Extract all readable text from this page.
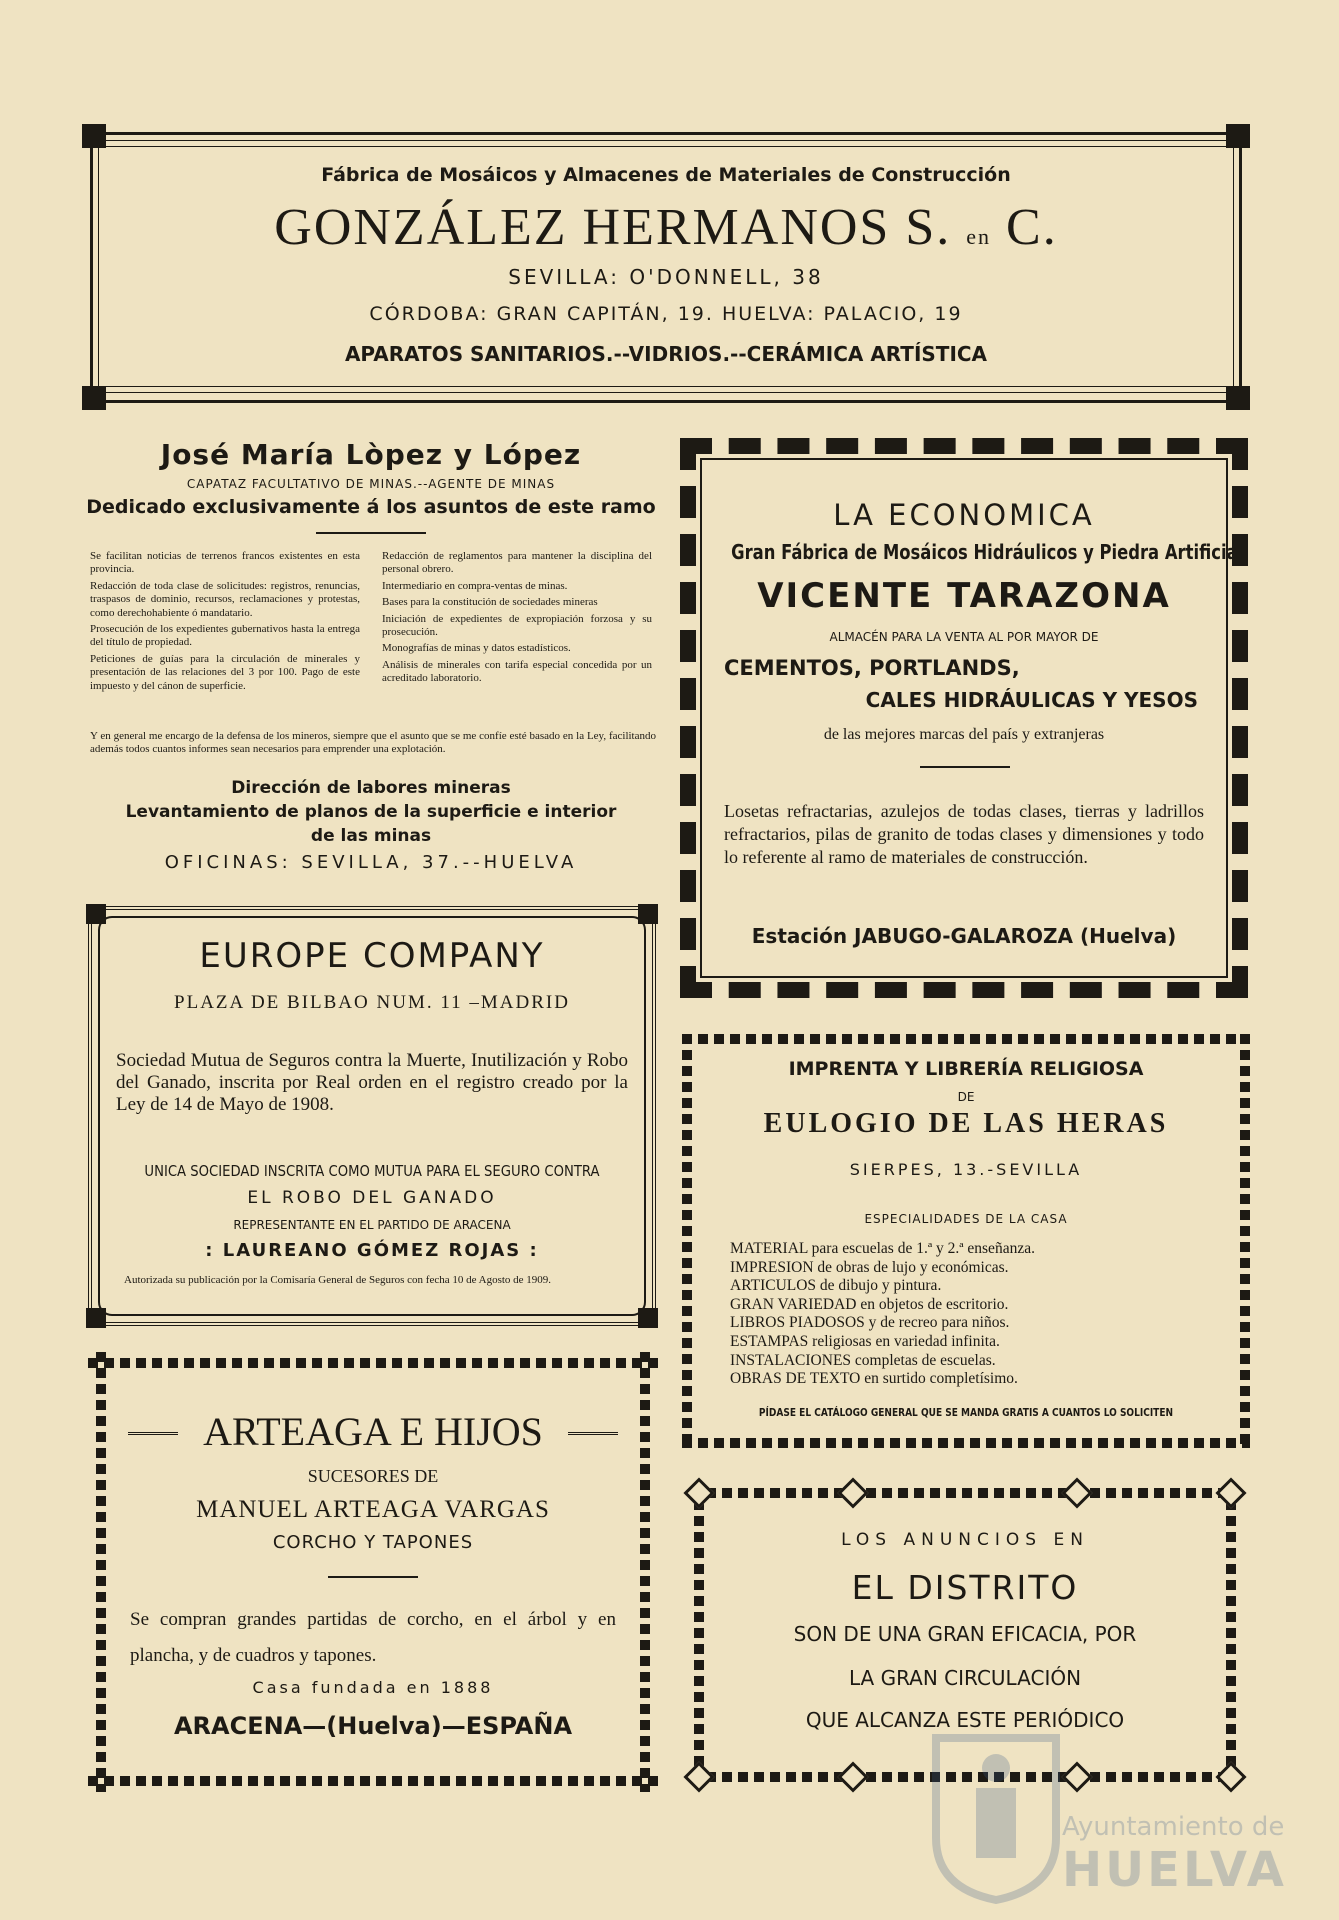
Fábrica de Mosáicos y Almacenes de Materiales de Construcción
GONZÁLEZ HERMANOS S. en C.
SEVILLA: O'DONNELL, 38
CÓRDOBA: GRAN CAPITÁN, 19. HUELVA: PALACIO, 19
APARATOS SANITARIOS.--VIDRIOS.--CERÁMICA ARTÍSTICA
José María Lòpez y López
CAPATAZ FACULTATIVO DE MINAS.--AGENTE DE MINAS
Dedicado exclusivamente á los asuntos de este ramo

Se facilitan noticias de terrenos francos existentes en esta provincia.

Redacción de toda clase de solicitudes: registros, renuncias, traspasos de dominio, recursos, reclamaciones y protestas, como derechohabiente ó mandatario.

Prosecución de los expedientes gubernativos hasta la entrega del título de propiedad.

Peticiones de guías para la circulación de minerales y presentación de las relaciones del 3 por 100. Pago de este impuesto y del cánon de superficie.

Redacción de reglamentos para mantener la disciplina del personal obrero.

Intermediario en compra-ventas de minas.

Bases para la constitución de sociedades mineras

Iniciación de expedientes de expropiación forzosa y su prosecución.

Monografías de minas y datos estadísticos.

Análisis de minerales con tarifa especial concedida por un acreditado laboratorio.

Y en general me encargo de la defensa de los mineros, siempre que el asunto que se me confíe esté basado en la Ley, facilitando además todos cuantos informes sean necesarios para emprender una explotación.
Dirección de labores mineras
Levantamiento de planos de la superficie e interior
de las minas
OFICINAS: SEVILLA, 37.--HUELVA
LA ECONOMICA
Gran Fábrica de Mosáicos Hidráulicos y Piedra Artificial
VICENTE TARAZONA
ALMACÉN PARA LA VENTA AL POR MAYOR DE
CEMENTOS, PORTLANDS,
CALES HIDRÁULICAS Y YESOS
de las mejores marcas del país y extranjeras
Losetas refractarias, azulejos de todas clases, tierras y ladrillos refractarios, pilas de granito de todas clases y dimensiones y todo lo referente al ramo de materiales de construcción.
Estación JABUGO-GALAROZA (Huelva)
EUROPE COMPANY
PLAZA DE BILBAO NUM. 11 –MADRID
Sociedad Mutua de Seguros contra la Muerte, Inutilización y Robo del Ganado, inscrita por Real orden en el registro creado por la Ley de 14 de Mayo de 1908.
UNICA SOCIEDAD INSCRITA COMO MUTUA PARA EL SEGURO CONTRA
EL ROBO DEL GANADO
REPRESENTANTE EN EL PARTIDO DE ARACENA
: LAUREANO GÓMEZ ROJAS :
Autorizada su publicación por la Comisaría General de Seguros con fecha 10 de Agosto de 1909.
IMPRENTA Y LIBRERÍA RELIGIOSA
DE
EULOGIO DE LAS HERAS
SIERPES, 13.-SEVILLA
ESPECIALIDADES DE LA CASA
MATERIAL para escuelas de 1.ª y 2.ª enseñanza.
IMPRESION de obras de lujo y económicas.
ARTICULOS de dibujo y pintura.
GRAN VARIEDAD en objetos de escritorio.
LIBROS PIADOSOS y de recreo para niños.
ESTAMPAS religiosas en variedad infinita.
INSTALACIONES completas de escuelas.
OBRAS DE TEXTO en surtido completísimo.
PÍDASE EL CATÁLOGO GENERAL QUE SE MANDA GRATIS A CUANTOS LO SOLICITEN
ARTEAGA E HIJOS
SUCESORES DE
MANUEL ARTEAGA VARGAS
CORCHO Y TAPONES
Se compran grandes partidas de corcho, en el árbol y en plancha, y de cuadros y tapones.
Casa fundada en 1888
ARACENA—(Huelva)—ESPAÑA
LOS ANUNCIOS EN
EL DISTRITO
SON DE UNA GRAN EFICACIA, POR
LA GRAN CIRCULACIÓN
QUE ALCANZA ESTE PERIÓDICO
Ayuntamiento de
HUELVA
